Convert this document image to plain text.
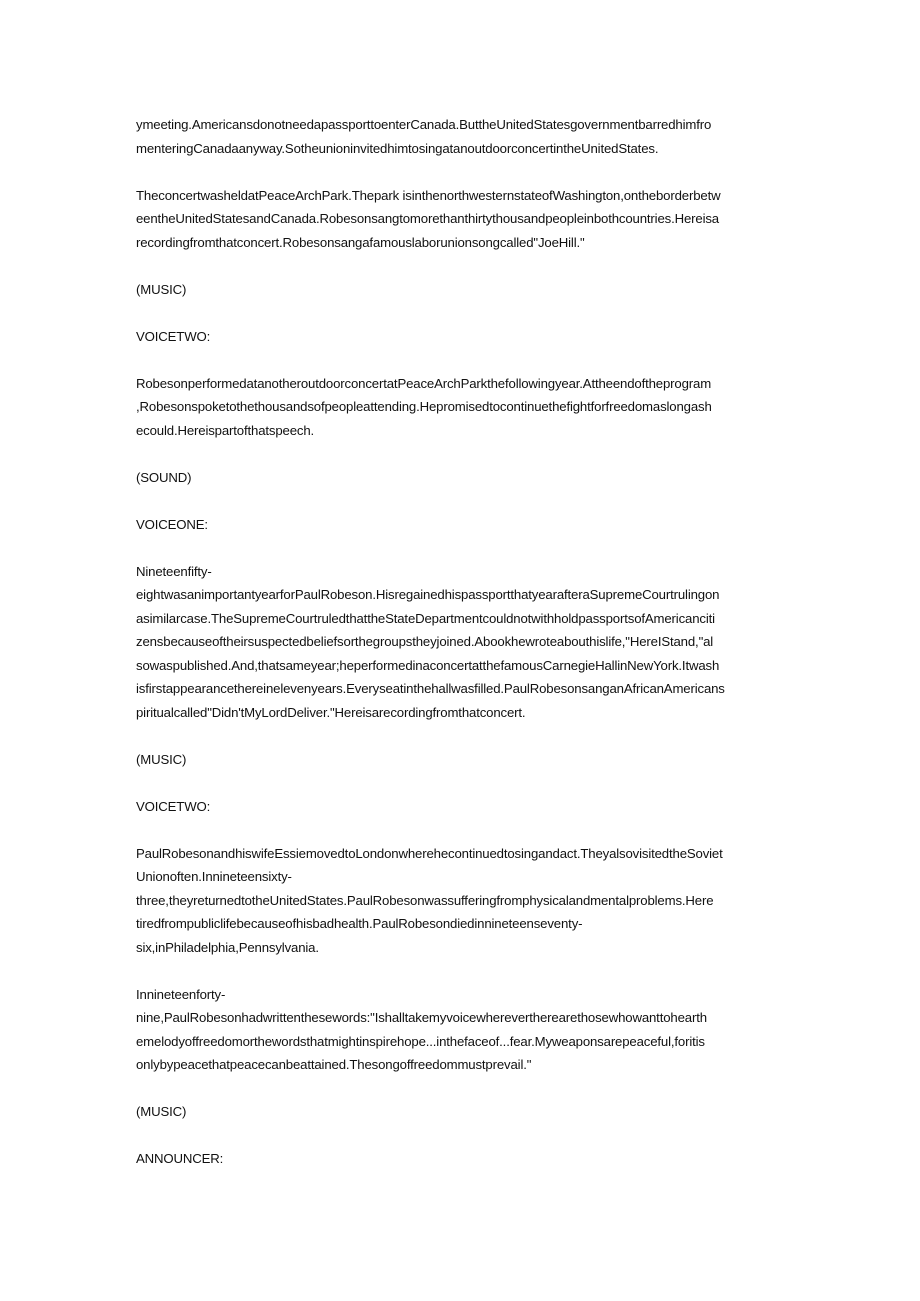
ymeeting.AmericansdonotneedapassporttoenterCanada.ButtheUnitedStatesgovernmentbarredhimfro
menteringCanadaanyway.SotheunioninvitedhimtosingatanoutdoorconcertintheUnitedStates.

TheconcertwasheldatPeaceArchPark.Thepark isinthenorthwesternstateofWashington,ontheborderbetw
eentheUnitedStatesandCanada.Robesonsangtomorethanthirtythousandpeopleinbothcountries.Hereisa
recordingfromthatconcert.Robesonsangafamouslaborunionsongcalled"JoeHill."

(MUSIC)

VOICETWO:

RobesonperformedatanotheroutdoorconcertatPeaceArchParkthefollowingyear.Attheendoftheprogram
,Robesonspoketothethousandsofpeopleattending.Hepromisedtocontinuethefightforfreedomaslongash
ecould.Hereispartofthatspeech.

(SOUND)

VOICEONE:

Nineteenfifty-
eightwasanimportantyearforPaulRobeson.HisregainedhispassportthatyearafteraSupremeCourtrulingon
asimilarcase.TheSupremeCourtruledthattheStateDepartmentcouldnotwithholdpassportsofAmericanciti
zensbecauseoftheirsuspectedbeliefsorthegroupstheyjoined.Abookhewroteabouthislife,"HereIStand,"al
sowaspublished.And,thatsameyear;heperformedinaconcertatthefamousCarnegieHallinNewYork.Itwash
isfirstappearancethereinelevenyears.Everyseatinthehallwasfilled.PaulRobesonsanganAfricanAmericans
piritualcalled"Didn'tMyLordDeliver."Hereisarecordingfromthatconcert.

(MUSIC)

VOICETWO:

PaulRobesonandhiswifeEssiemovedtoLondonwherehecontinuedtosingandact.TheyalsovisitedtheSoviet
Unionoften.Innineteensixty-
three,theyreturnedtotheUnitedStates.PaulRobesonwassufferingfromphysicalandmentalproblems.Here
tiredfrompubliclifebecauseofhisbadhealth.PaulRobesondiedinnineteenseventy-
six,inPhiladelphia,Pennsylvania.

Innineteenforty-
nine,PaulRobesonhadwrittenthesewords:"Ishalltakemyvoicewherevertherearethosewhowanttohearth
emelodyoffreedomorthewordsthatmightinspirehope...inthefaceof...fear.Myweaponsarepeaceful,foritis
onlybypeacethatpeacecanbeattained.Thesongoffreedommustprevail."

(MUSIC)

ANNOUNCER:
